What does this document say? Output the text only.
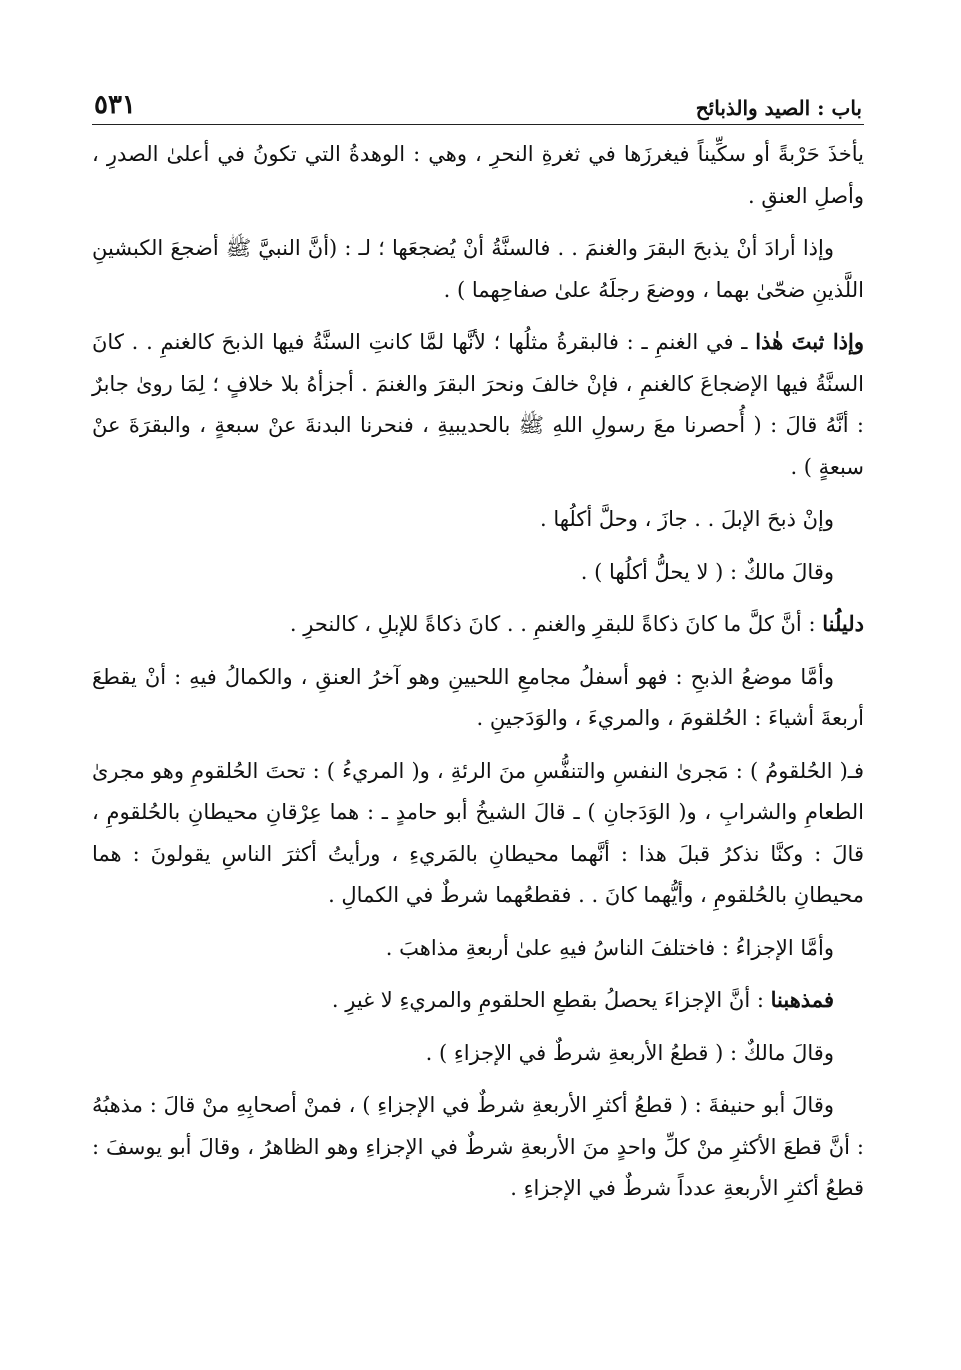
باب : الصيد والذبائح
٥٣١

يأخذَ حَرْبةً أو سكِّيناً فيغرزَها في ثغرةِ النحرِ ، وهي : الوهدةُ التي تكونُ في أعلىٰ الصدرِ ، وأصلِ العنقِ .

وإذا أرادَ أنْ يذبحَ البقرَ والغنمَ . . فالسنَّةُ أنْ يُضجعَها ؛ لـ : (أنَّ النبيَّ ﷺ أضجعَ الكبشينِ اللَّذينِ ضحّىٰ بهما ، ووضعَ رجلَهُ علىٰ صفاحِهما ) .

وإذا ثبتَ هٰذا ـ في الغنمِ ـ : فالبقرةُ مثلُها ؛ لأنَّها لمَّا كانتِ السنَّةُ فيها الذبحَ كالغنمِ . . كانَ السنَّةُ فيها الإضجاعَ كالغنمِ ، فإنْ خالفَ ونحرَ البقرَ والغنمَ . أجزأهُ بلا خلافٍ ؛ لِمَا روىٰ جابرٌ : أنَّهُ قالَ : ( أُحصرنا معَ رسولِ اللهِ ﷺ بالحديبيةِ ، فنحرنا البدنةَ عنْ سبعةٍ ، والبقرَةَ عنْ سبعةٍ ) .

وإنْ ذبحَ الإبلَ . . جازَ ، وحلَّ أكلُها .

وقالَ مالكٌ : ( لا يحلُّ أكلُها ) .

دليلُنا : أنَّ كلَّ ما كانَ ذكاةً للبقرِ والغنمِ . . كانَ ذكاةً للإبلِ ، كالنحرِ .

وأمَّا موضعُ الذبحِ : فهو أسفلُ مجامعِ اللحيينِ وهو آخرُ العنقِ ، والكمالُ فيهِ : أنْ يقطعَ أربعةَ أشياءَ : الحُلقومَ ، والمريءَ ، والوَدَجينِ .

فـ( الحُلقومُ ) : مَجرىٰ النفسِ والتنفُّسِ منَ الرئةِ ، و( المريءُ ) : تحتَ الحُلقومِ وهو مجرىٰ الطعامِ والشرابِ ، و( الوَدَجانِ ) ـ قالَ الشيخُ أبو حامدٍ ـ : هما عِرْقانِ محيطانِ بالحُلقومِ ، قالَ : وكنَّا نذكرُ قبلَ هذا : أنَّهما محيطانِ بالمَريءِ ، ورأيتُ أكثرَ الناسِ يقولونَ : هما محيطانِ بالحُلقومِ ، وأيُّهما كانَ . . فقطعُهما شرطٌ في الكمالِ .

وأمَّا الإجزاءُ : فاختلفَ الناسُ فيهِ علىٰ أربعةِ مذاهبَ .

فمذهبنا : أنَّ الإجزاءَ يحصلُ بقطعِ الحلقومِ والمريءِ لا غيرِ .

وقالَ مالكٌ : ( قطعُ الأربعةِ شرطٌ في الإجزاءِ ) .

وقالَ أبو حنيفةَ : ( قطعُ أكثرِ الأربعةِ شرطٌ في الإجزاءِ ) ، فمنْ أصحابِهِ منْ قالَ : مذهبُهُ : أنَّ قطعَ الأكثرِ منْ كلِّ واحدٍ منَ الأربعةِ شرطٌ في الإجزاءِ وهو الظاهرُ ، وقالَ أبو يوسفَ : قطعُ أكثرِ الأربعةِ عدداً شرطٌ في الإجزاءِ .
